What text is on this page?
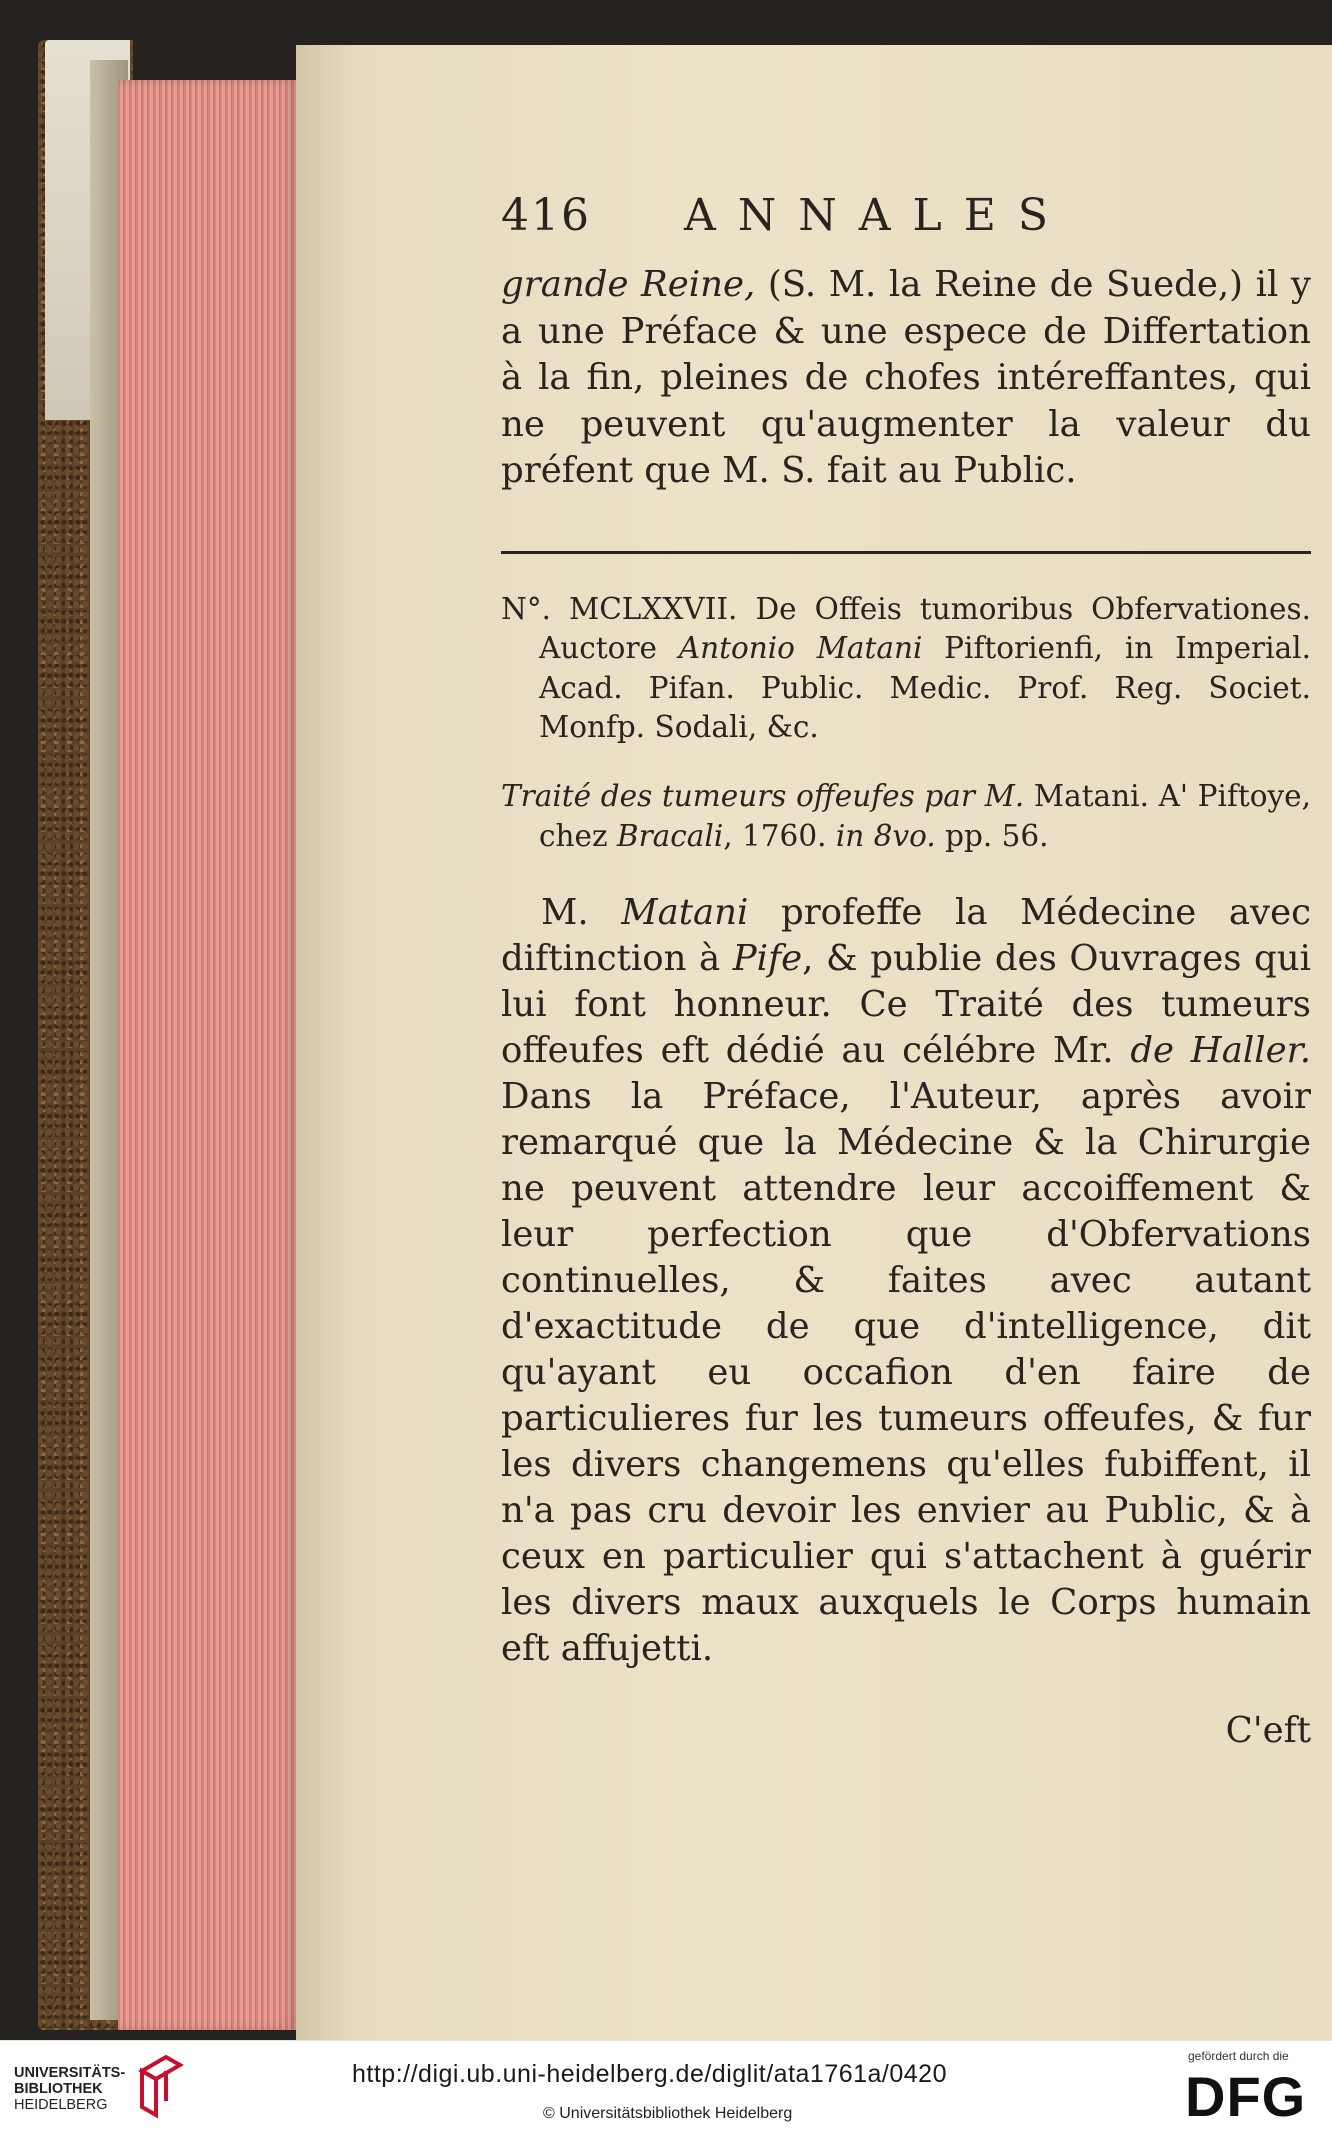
416 ANNALES

grande Reine, (S. M. la Reine de Suede,) il y a une Préface & une espece de Differtation à la fin, pleines de chofes intéreffantes, qui ne peuvent qu'augmenter la valeur du préfent que M. S. fait au Public.

N°. MCLXXVII. De Offeis tumoribus Obfervationes. Auctore Antonio Matani Piftorienfi, in Imperial. Acad. Pifan. Public. Medic. Prof. Reg. Societ. Monfp. Sodali, &c.

Traité des tumeurs offeufes par M. Matani. A' Piftoye, chez Bracali, 1760. in 8vo. pp. 56.

M. Matani profeffe la Médecine avec diftinction à Pife, & publie des Ouvrages qui lui font honneur. Ce Traité des tumeurs offeufes eft dédié au célébre Mr. de Haller. Dans la Préface, l'Auteur, après avoir remarqué que la Médecine & la Chirurgie ne peuvent attendre leur accoiffement & leur perfection que d'Obfervations continuelles, & faites avec autant d'exactitude de que d'intelligence, dit qu'ayant eu occafion d'en faire de particulieres fur les tumeurs offeufes, & fur les divers changemens qu'elles fubiffent, il n'a pas cru devoir les envier au Public, & à ceux en particulier qui s'attachent à guérir les divers maux auxquels le Corps humain eft affujetti.

C'eft
UNIVERSITÄTS-
BIBLIOTHEK
HEIDELBERG
http://digi.ub.uni-heidelberg.de/diglit/ata1761a/0420
© Universitätsbibliothek Heidelberg
gefördert durch die
DFG
